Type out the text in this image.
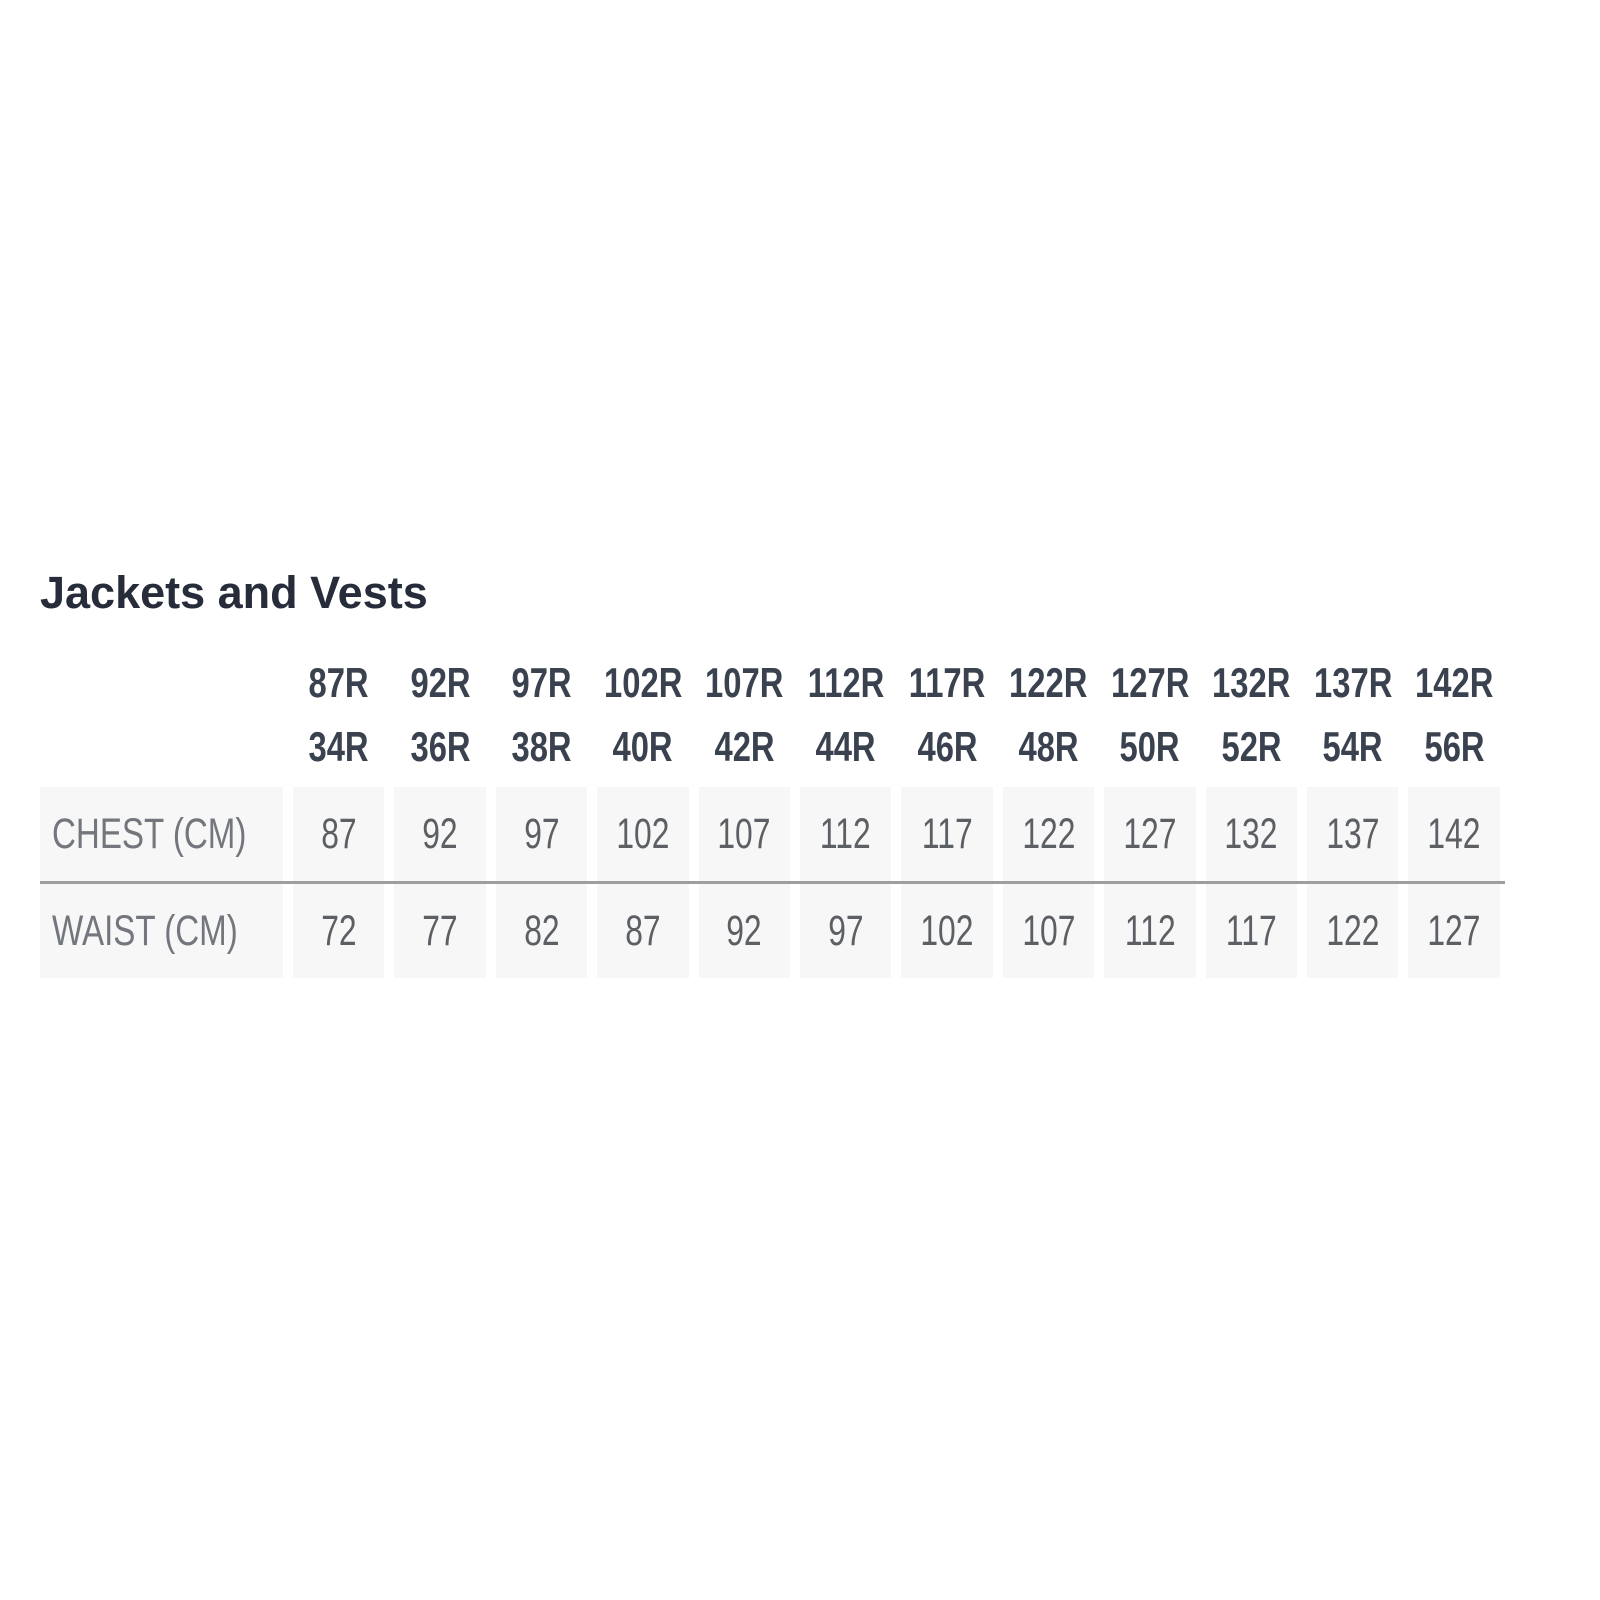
Jackets and Vests
	87R	92R	97R	102R	107R	112R	117R	122R	127R	132R	137R	142R
	34R	36R	38R	40R	42R	44R	46R	48R	50R	52R	54R	56R

CHEST (CM)	87	92	97	102	107	112	117	122	127	132	137	142

WAIST (CM)	72	77	82	87	92	97	102	107	112	117	122	127
